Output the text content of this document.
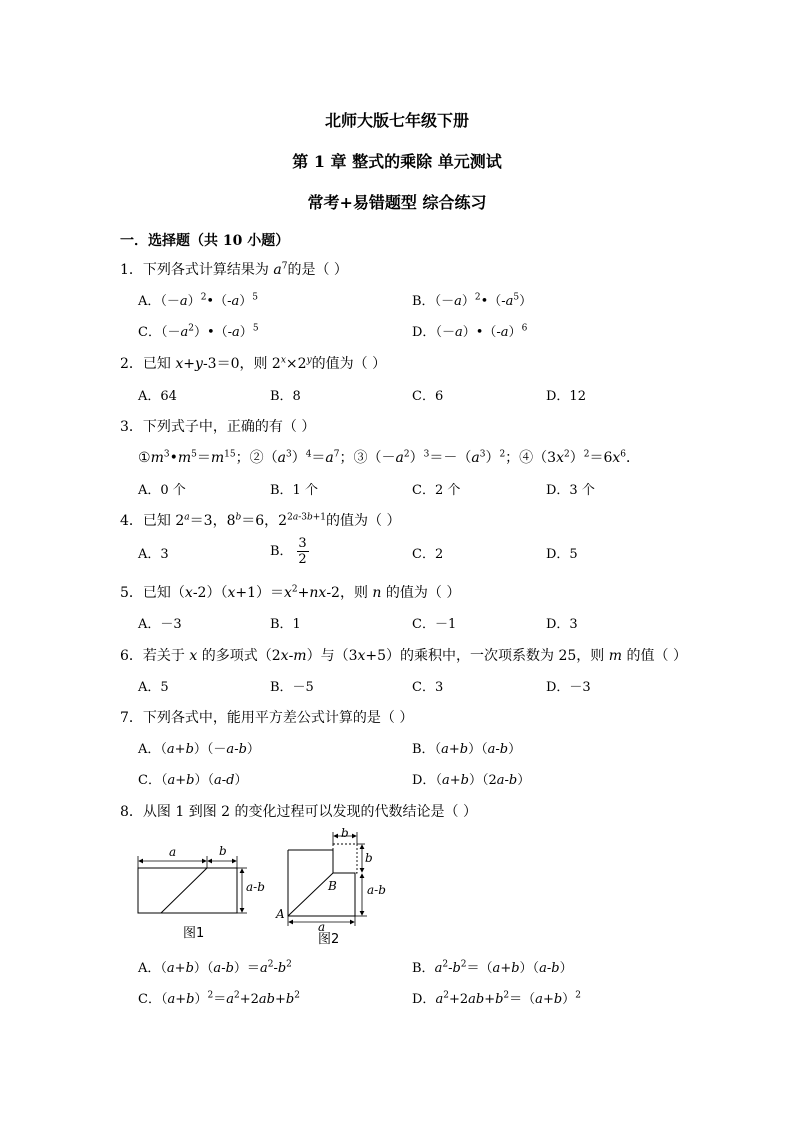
北师大版七年级下册
第 1 章 整式的乘除 单元测试
常考+易错题型 综合练习
一．选择题（共 10 小题）
1．下列各式计算结果为 $a^7$的是（ ）
A．$(-a)^2•(-a)^5$	B．$(-a)^2•(-a^5)$
C．$(-a^2)•(-a)^5$	D．$(-a)•(-a)^6$
2．已知 x+y-3＝0，则 $2^x\times 2^y$的值为（ ）
A．64	B．8	C．6	D．12
3．下列式子中，正确的有（ ）
$①m^3•m^5=m^{15}$；$②(a^3)^4=a^7$；$③(-a^2)^3=-(a^3)^2$；$④(3x^2)^2=6x^6$．
A．0 个	B．1 个	C．2 个	D．3 个
4．已知 $2^a=3$，$8^b=6$，$2^{2a-3b+1}$的值为（ ）
A．3	B． $\frac{3}{2}$	C．2	D．5
5．已知$(x-2)(x+1)=x^2+nx-2$，则 n 的值为（ ）
A．－3	B．1	C．－1	D．3
6．若关于 x 的多项式（2x-m）与（3x+5）的乘积中，一次项系数为 25，则 m 的值（ ）
A．5	B．－5	C．3	D．－3
7．下列各式中，能用平方差公式计算的是（ ）
A．（a+b）（－a-b）	B．（a+b）（a-b）
C．（a+b）（a-d）	D．（a+b）（2a-b）
8．从图 1 到图 2 的变化过程可以发现的代数结论是（ ）
a	b
a-b
图1
b
b
a-b
a
A
B
图2
A．$(a+b)(a-b)=a^2-b^2$	B．$a^2-b^2=(a+b)(a-b)$
C．$(a+b)^2=a^2+2ab+b^2$	D．$a^2+2ab+b^2=(a+b)^2$
